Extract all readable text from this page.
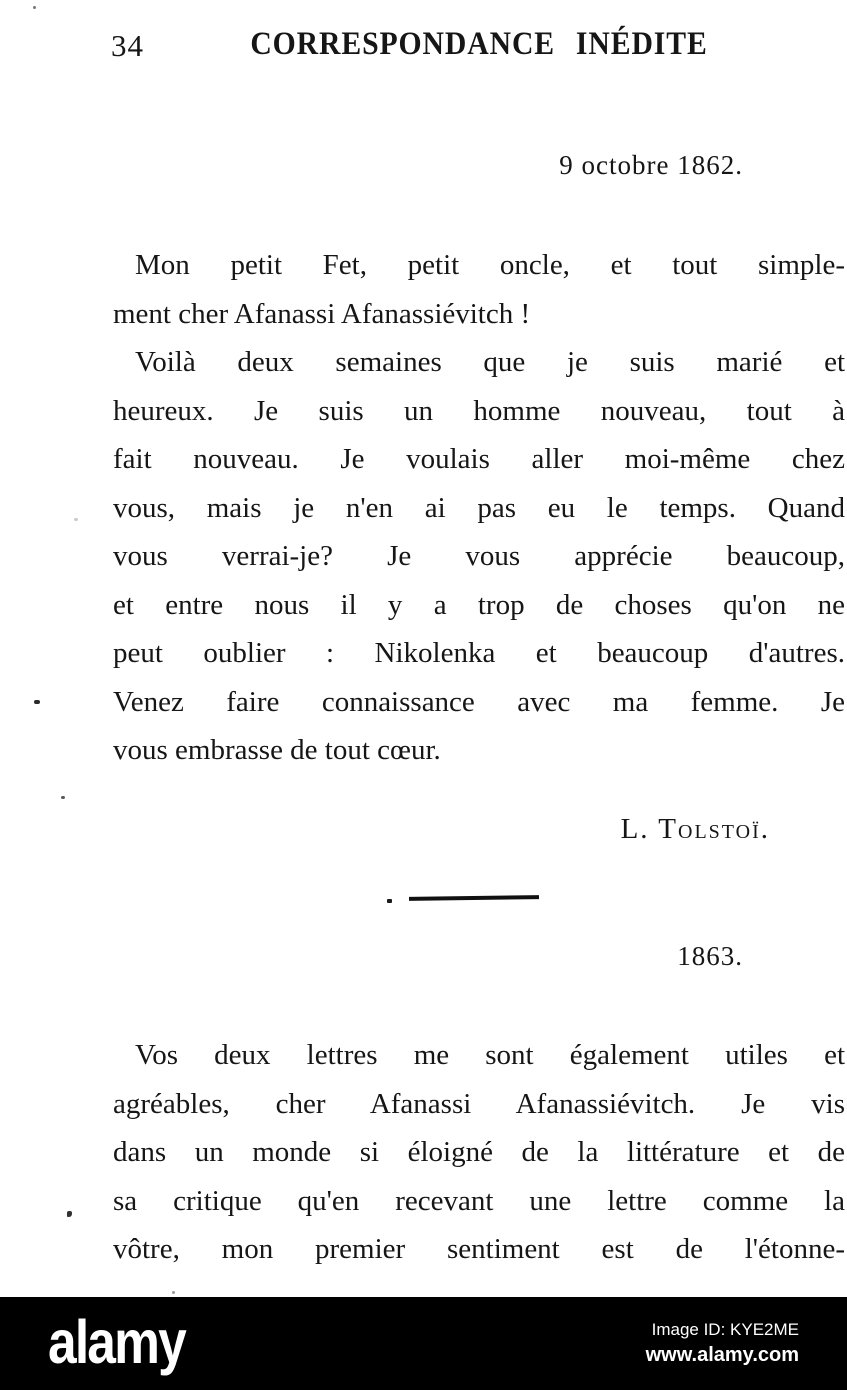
34	CORRESPONDANCE INÉDITE
9 octobre 1862.
Mon petit Fet, petit oncle, et tout simple-
ment cher Afanassi Afanassiévitch !
Voilà deux semaines que je suis marié et
heureux. Je suis un homme nouveau, tout à
fait nouveau. Je voulais aller moi-même chez
vous, mais je n'en ai pas eu le temps. Quand
vous verrai-je? Je vous apprécie beaucoup,
et entre nous il y a trop de choses qu'on ne
peut oublier : Nikolenka et beaucoup d'autres.
Venez faire connaissance avec ma femme. Je
vous embrasse de tout cœur.
L. Tolstoï.
1863.
Vos deux lettres me sont également utiles et
agréables, cher Afanassi Afanassiévitch. Je vis
dans un monde si éloigné de la littérature et de
sa critique qu'en recevant une lettre comme la
vôtre, mon premier sentiment est de l'étonne-
alamy	Image ID: KYE2ME
www.alamy.com
